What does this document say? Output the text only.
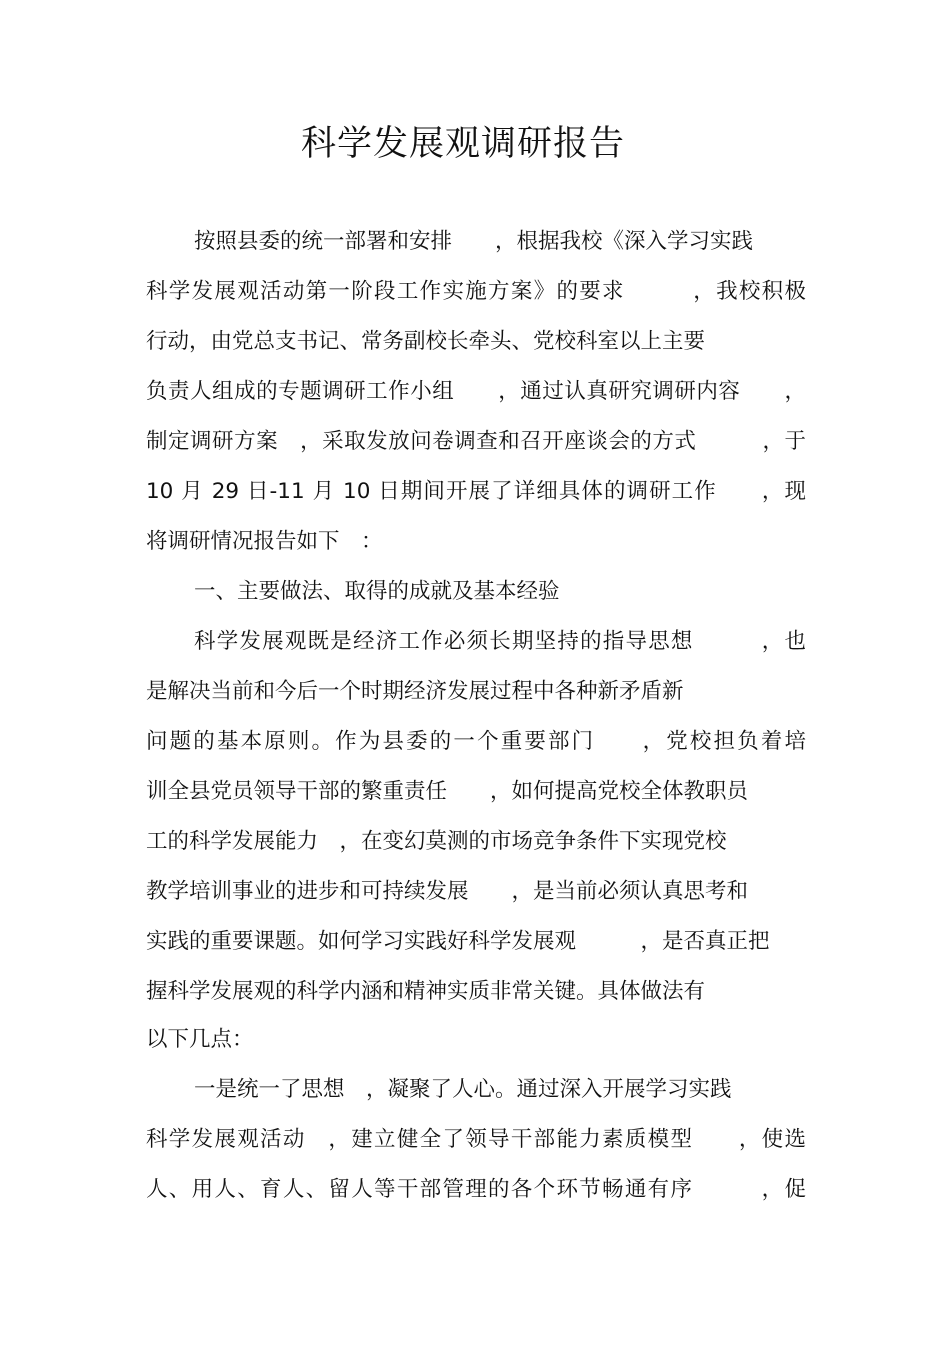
科学发展观调研报告
按照县委的统一部署和安排　　，根据我校《深入学习实践
科学发展观活动第一阶段工作实施方案》的要求　　　，我校积极
行动，由党总支书记、常务副校长牵头、党校科室以上主要
负责人组成的专题调研工作小组　　，通过认真研究调研内容　　，
制定调研方案　，采取发放问卷调查和召开座谈会的方式　　　，于
10 月 29 日-11 月 10 日期间开展了详细具体的调研工作　　，现
将调研情况报告如下　：
一、主要做法、取得的成就及基本经验
科学发展观既是经济工作必须长期坚持的指导思想　　　，也
是解决当前和今后一个时期经济发展过程中各种新矛盾新
问题的基本原则。作为县委的一个重要部门　　，党校担负着培
训全县党员领导干部的繁重责任　　，如何提高党校全体教职员
工的科学发展能力　，在变幻莫测的市场竞争条件下实现党校
教学培训事业的进步和可持续发展　　，是当前必须认真思考和
实践的重要课题。如何学习实践好科学发展观　　　，是否真正把
握科学发展观的科学内涵和精神实质非常关键。具体做法有
以下几点：
一是统一了思想　，凝聚了人心。通过深入开展学习实践
科学发展观活动　，建立健全了领导干部能力素质模型　　，使选
人、用人、育人、留人等干部管理的各个环节畅通有序　　　，促
